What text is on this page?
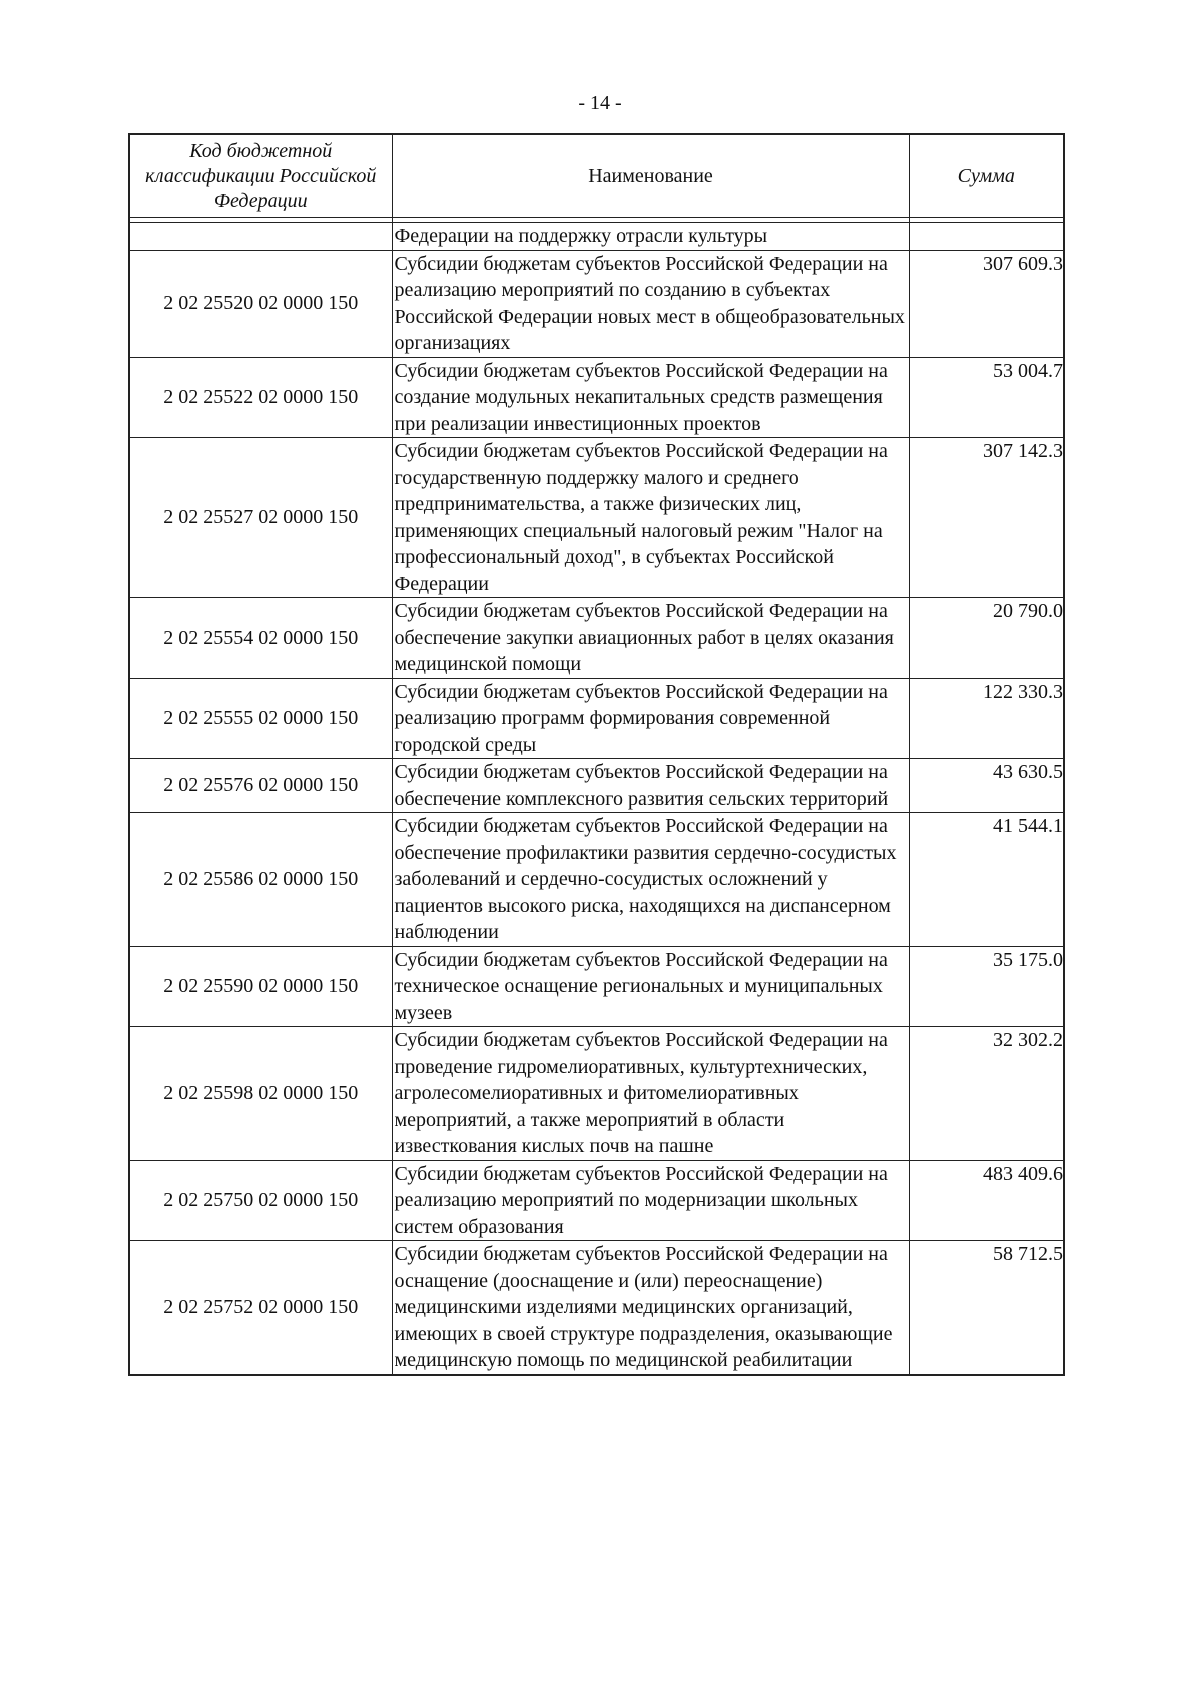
- 14 -
Код бюджетной классификации Российской Федерации	Наименование	Сумма

	Федерации на поддержку отрасли культуры	
2 02 25520 02 0000 150	Субсидии бюджетам субъектов Российской Федерации на реализацию мероприятий по созданию в субъектах Российской Федерации новых мест в общеобразовательных организациях	307 609.3
2 02 25522 02 0000 150	Субсидии бюджетам субъектов Российской Федерации на создание модульных некапитальных средств размещения при реализации инвестиционных проектов	53 004.7
2 02 25527 02 0000 150	Субсидии бюджетам субъектов Российской Федерации на государственную поддержку малого и среднего предпринимательства, а также физических лиц, применяющих специальный налоговый режим "Налог на профессиональный доход", в субъектах Российской Федерации	307 142.3
2 02 25554 02 0000 150	Субсидии бюджетам субъектов Российской Федерации на обеспечение закупки авиационных работ в целях оказания медицинской помощи	20 790.0
2 02 25555 02 0000 150	Субсидии бюджетам субъектов Российской Федерации на реализацию программ формирования современной городской среды	122 330.3
2 02 25576 02 0000 150	Субсидии бюджетам субъектов Российской Федерации на обеспечение комплексного развития сельских территорий	43 630.5
2 02 25586 02 0000 150	Субсидии бюджетам субъектов Российской Федерации на обеспечение профилактики развития сердечно-сосудистых заболеваний и сердечно-сосудистых осложнений у пациентов высокого риска, находящихся на диспансерном наблюдении	41 544.1
2 02 25590 02 0000 150	Субсидии бюджетам субъектов Российской Федерации на техническое оснащение региональных и муниципальных музеев	35 175.0
2 02 25598 02 0000 150	Субсидии бюджетам субъектов Российской Федерации на проведение гидромелиоративных, культуртехнических, агролесомелиоративных и фитомелиоративных мероприятий, а также мероприятий в области известкования кислых почв на пашне	32 302.2
2 02 25750 02 0000 150	Субсидии бюджетам субъектов Российской Федерации на реализацию мероприятий по модернизации школьных систем образования	483 409.6
2 02 25752 02 0000 150	Субсидии бюджетам субъектов Российской Федерации на оснащение (дооснащение и (или) переоснащение) медицинскими изделиями медицинских организаций, имеющих в своей структуре подразделения, оказывающие медицинскую помощь по медицинской реабилитации	58 712.5
